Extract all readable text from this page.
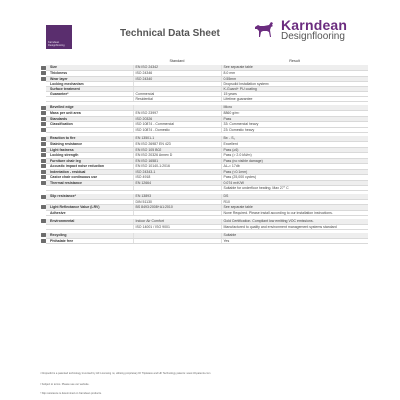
Karndean
Designflooring
Technical Data Sheet
Karndean
Designflooring
		Standard	Result
	Size	EN ISO 24342	See separate table
	Thickness	ISO 24346	8.0 mm
	Wear layer	ISO 24340	0.55mm
	Locking mechanism		Dropsolid Installation system¹
	Surface treatment		K-Guard+ PU coating
	Guarantee²	Commercial	15 years
		Residential	Lifetime guarantee

	Bevelled edge		Micro
	Mass per unit area	EN ISO 23997	8860 g/m²
	Standards	ISO 20326	Pass
	Classification	ISO 10874 - Commercial	33: Commercial heavy
		ISO 10874 - Domestic	23: Domestic heavy

	Reaction to fire	EN 13501-1	Bꜰₗ - S₁
	Staining resistance	EN ISO 26987 EN 423	Excellent
	Light fastness	EN ISO 105 B02	Pass (≥6)
	Locking strength	EN ISO 20326 Annex D	Pass (> 2.0 kN/m)
	Furniture chair leg	EN ISO 16581	Pass (no visible damage)
	Acoustic impact noise reduction	EN ISO 10140-1:2016	ΔLᵥ= 17db
	Indentation - residual	ISO 24343-1	Pass (<0.1mm)
	Castor chair continuous use	ISO 4918	Pass (25,000 cycles)
	Thermal resistance	EN 12664	0.074 m²K/W
			Suitable for underfloor heating. Max 27° C

	Slip resistance³	EN 13893	DS
		DIN 51130	R10
	Light Reflectance Value (LRV)	BS 8493:2008+A1:2010	See separate table
	Adhesive		None Required. Please install according to our installation instructions.

	Environmental	Indoor Air Comfort	Gold Certification. Compliant low emitting VOC emissions.
		ISO 14001 / ISO 9001	Manufactured to quality and environment management systems standard

	Recycling		Suitable
	Phthalate free		Yes
¹ Dropsolid is a patented technology invented by HF Licensing nv, utilising proprietary DI Tripleiace and HF Technology patents: www.i4f-patents.com
² Subject to terms. Please see our website.
³ Slip resistance is determined on Karndean products.
